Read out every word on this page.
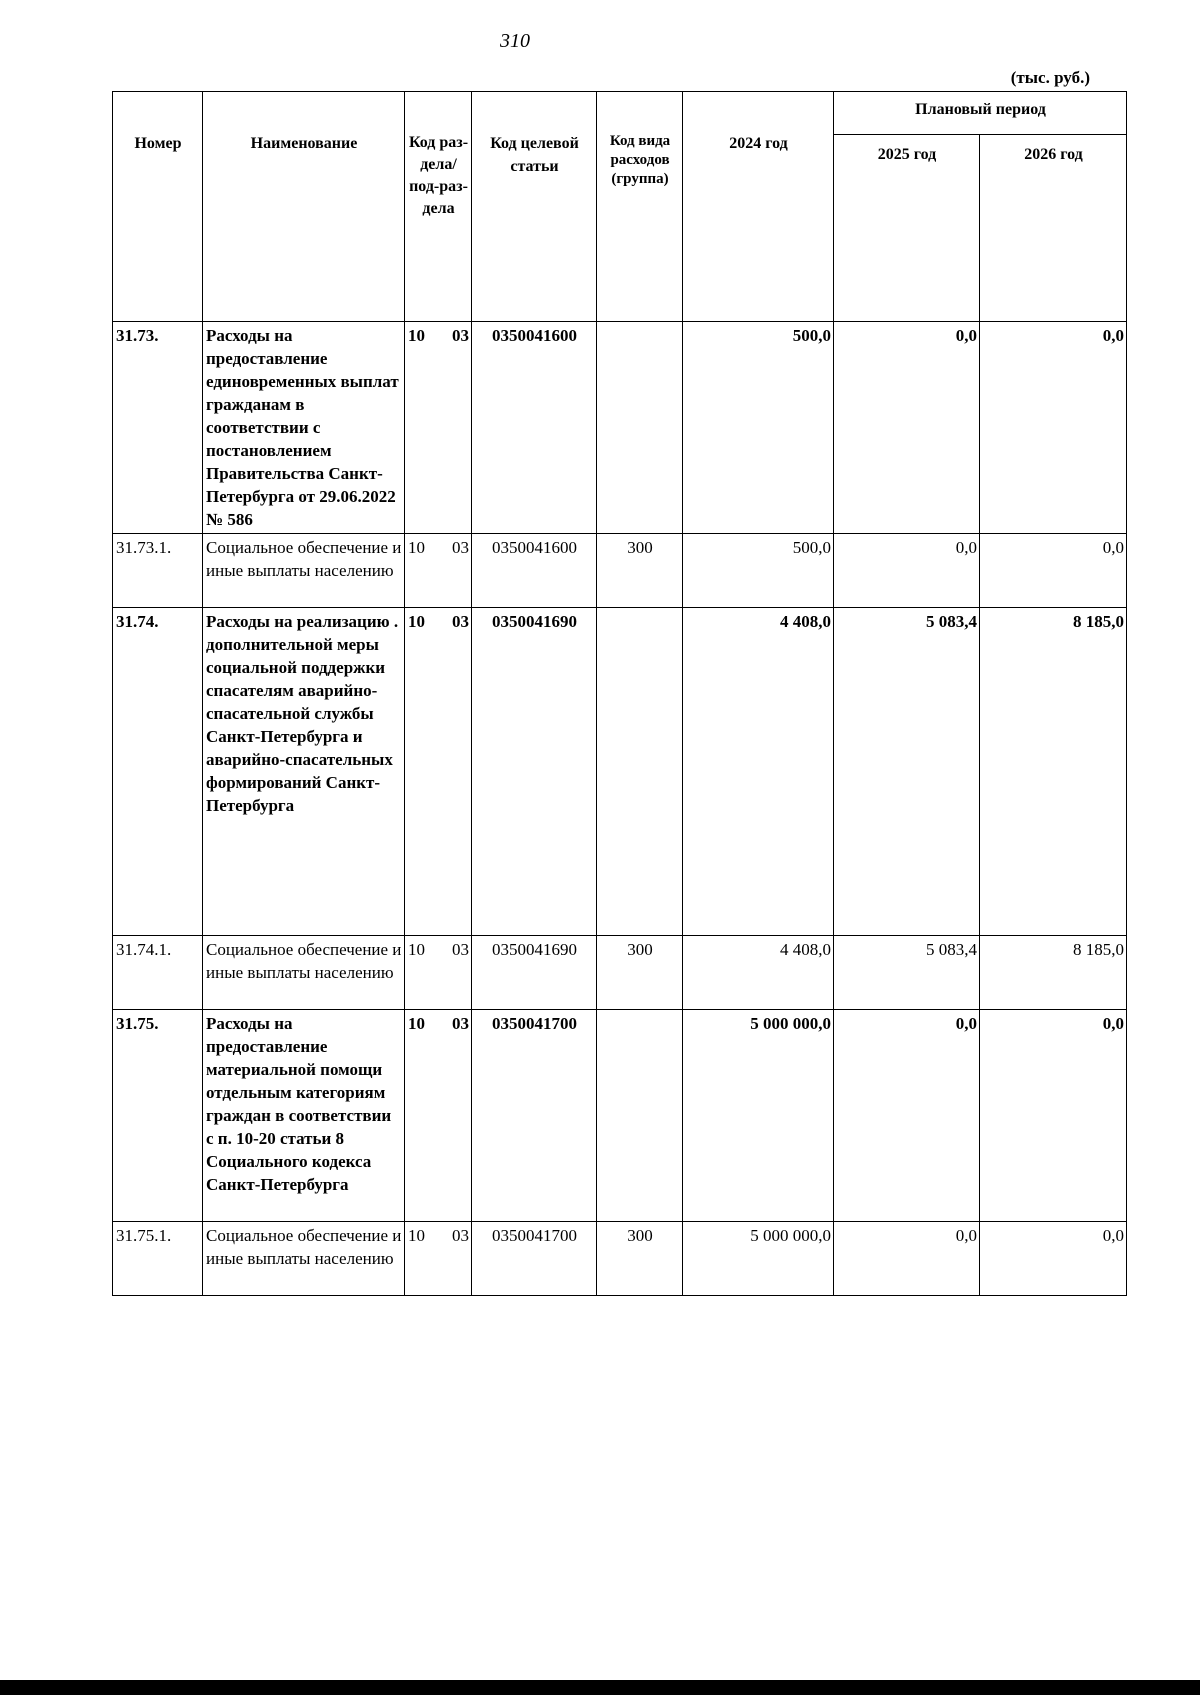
310
(тыс. руб.)
Номер	Наименование	Код раз-дела/ под-раз-дела	Код целевой статьи	Код вида расходов (группа)	2024 год	Плановый период	
						2025 год	2026 год
31.73.	Расходы на предоставление единовременных выплат гражданам в соответствии с постановлением Правительства Санкт-Петербурга от 29.06.2022 № 586	10 03	0350041600		500,0	0,0	0,0
31.73.1.	Социальное обеспечение и иные выплаты населению	10 03	0350041600	300	500,0	0,0	0,0
31.74.	Расходы на реализацию . дополнительной меры социальной поддержки спасателям аварийно-спасательной службы Санкт-Петербурга и аварийно-спасательных формирований Санкт-Петербурга	10 03	0350041690		4 408,0	5 083,4	8 185,0
31.74.1.	Социальное обеспечение и иные выплаты населению	10 03	0350041690	300	4 408,0	5 083,4	8 185,0
31.75.	Расходы на предоставление материальной помощи отдельным категориям граждан в соответствии с п. 10-20 статьи 8 Социального кодекса Санкт-Петербурга	10 03	0350041700		5 000 000,0	0,0	0,0
31.75.1.	Социальное обеспечение и иные выплаты населению	10 03	0350041700	300	5 000 000,0	0,0	0,0
